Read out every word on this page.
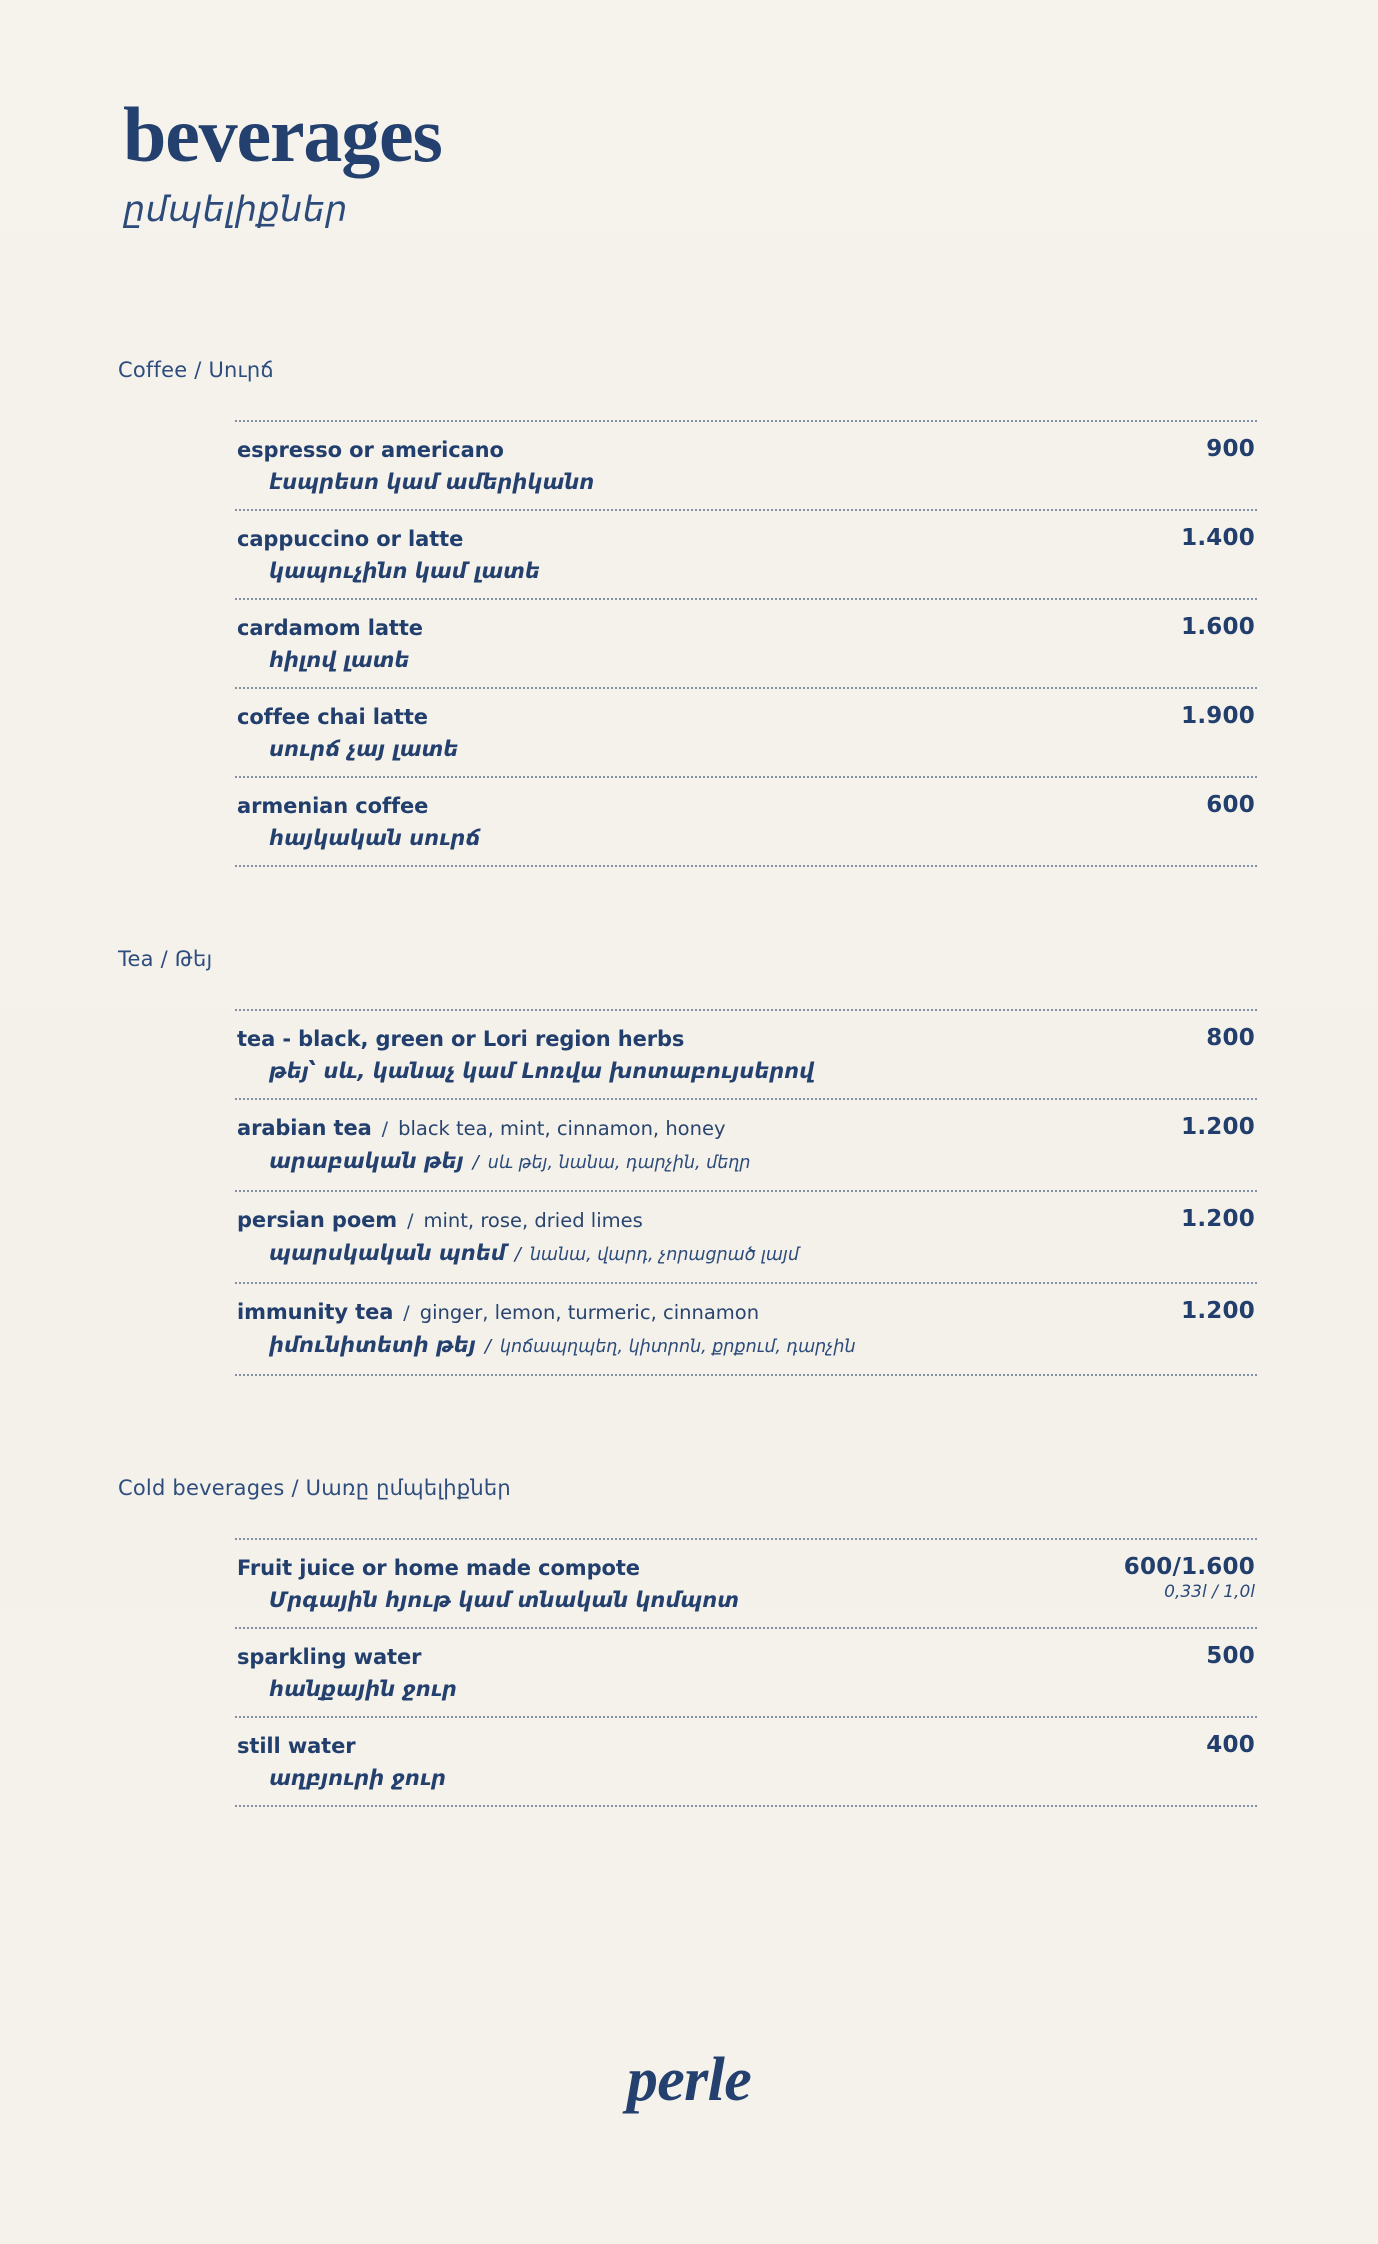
beverages
ըմպելիքներ
Coffee / Սուրճ
espresso or americano
էսպրեսո կամ ամերիկանո
900
cappuccino or latte
կապուչինո կամ լատե
1.400
cardamom latte
հիլով լատե
1.600
coffee chai latte
սուրճ չայ լատե
1.900
armenian coffee
հայկական սուրճ
600
Tea / Թեյ
tea - black, green or Lori region herbs
թեյ՝ սև, կանաչ կամ Լոռվա խոտաբույսերով
800
arabian tea / black tea, mint, cinnamon, honey
արաբական թեյ / սև թեյ, նանա, դարչին, մեղր
1.200
persian poem / mint, rose, dried limes
պարսկական պոեմ / նանա, վարդ, չորացրած լայմ
1.200
immunity tea / ginger, lemon, turmeric, cinnamon
իմունիտետի թեյ / կոճապղպեղ, կիտրոն, քրքում, դարչին
1.200
Cold beverages / Սառը ըմպելիքներ
Fruit juice or home made compote
Մրգային հյութ կամ տնական կոմպոտ
600/1.600
0,33l / 1,0l
sparkling water
հանքային ջուր
500
still water
աղբյուրի ջուր
400
perle
